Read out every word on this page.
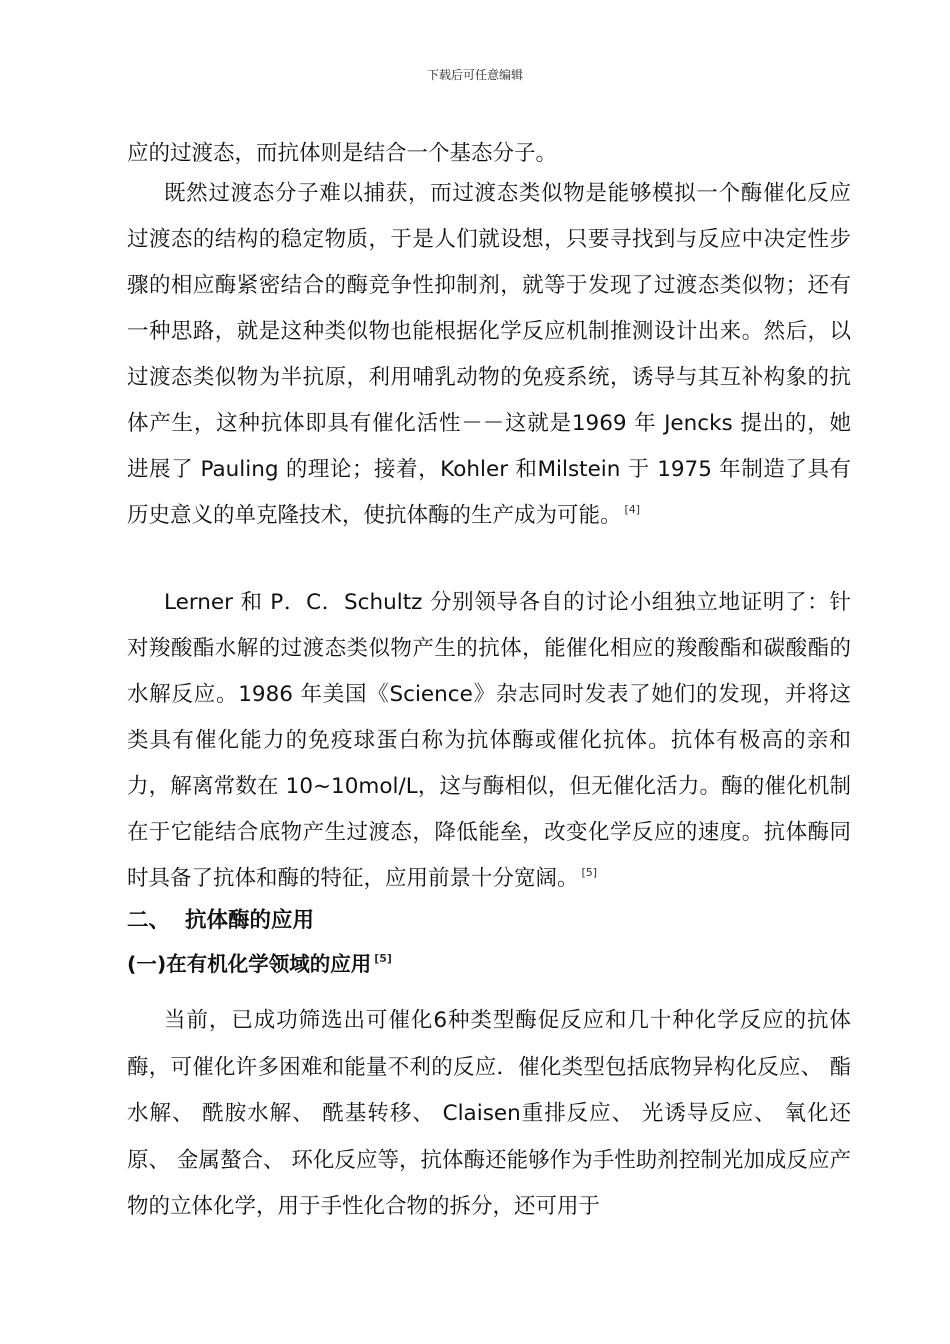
下载后可任意编辑

应的过渡态，而抗体则是结合一个基态分子。

既然过渡态分子难以捕获，而过渡态类似物是能够模拟一个酶催化反应过渡态的结构的稳定物质，于是人们就设想，只要寻找到与反应中决定性步骤的相应酶紧密结合的酶竞争性抑制剂，就等于发现了过渡态类似物；还有一种思路，就是这种类似物也能根据化学反应机制推测设计出来。然后，以过渡态类似物为半抗原，利用哺乳动物的免疫系统，诱导与其互补构象的抗体产生，这种抗体即具有催化活性－－这就是1969 年 Jencks 提出的，她进展了 Pauling 的理论；接着，Kohler 和Milstein 于 1975 年制造了具有历史意义的单克隆技术，使抗体酶的生产成为可能。 [4]

Lerner 和 P．C．Schultz 分别领导各自的讨论小组独立地证明了：针对羧酸酯水解的过渡态类似物产生的抗体，能催化相应的羧酸酯和碳酸酯的水解反应。1986 年美国《Science》杂志同时发表了她们的发现，并将这类具有催化能力的免疫球蛋白称为抗体酶或催化抗体。抗体有极高的亲和力，解离常数在 10~10mol/L，这与酶相似，但无催化活力。酶的催化机制在于它能结合底物产生过渡态，降低能垒，改变化学反应的速度。抗体酶同时具备了抗体和酶的特征，应用前景十分宽阔。 [5]

二、 抗体酶的应用
(一)在有机化学领域的应用 [5]

当前，已成功筛选出可催化6种类型酶促反应和几十种化学反应的抗体酶，可催化许多困难和能量不利的反应．催化类型包括底物异构化反应、 酯水解、 酰胺水解、 酰基转移、 Claisen重排反应、 光诱导反应、 氧化还原、 金属螯合、 环化反应等，抗体酶还能够作为手性助剂控制光加成反应产物的立体化学，用于手性化合物的拆分，还可用于
